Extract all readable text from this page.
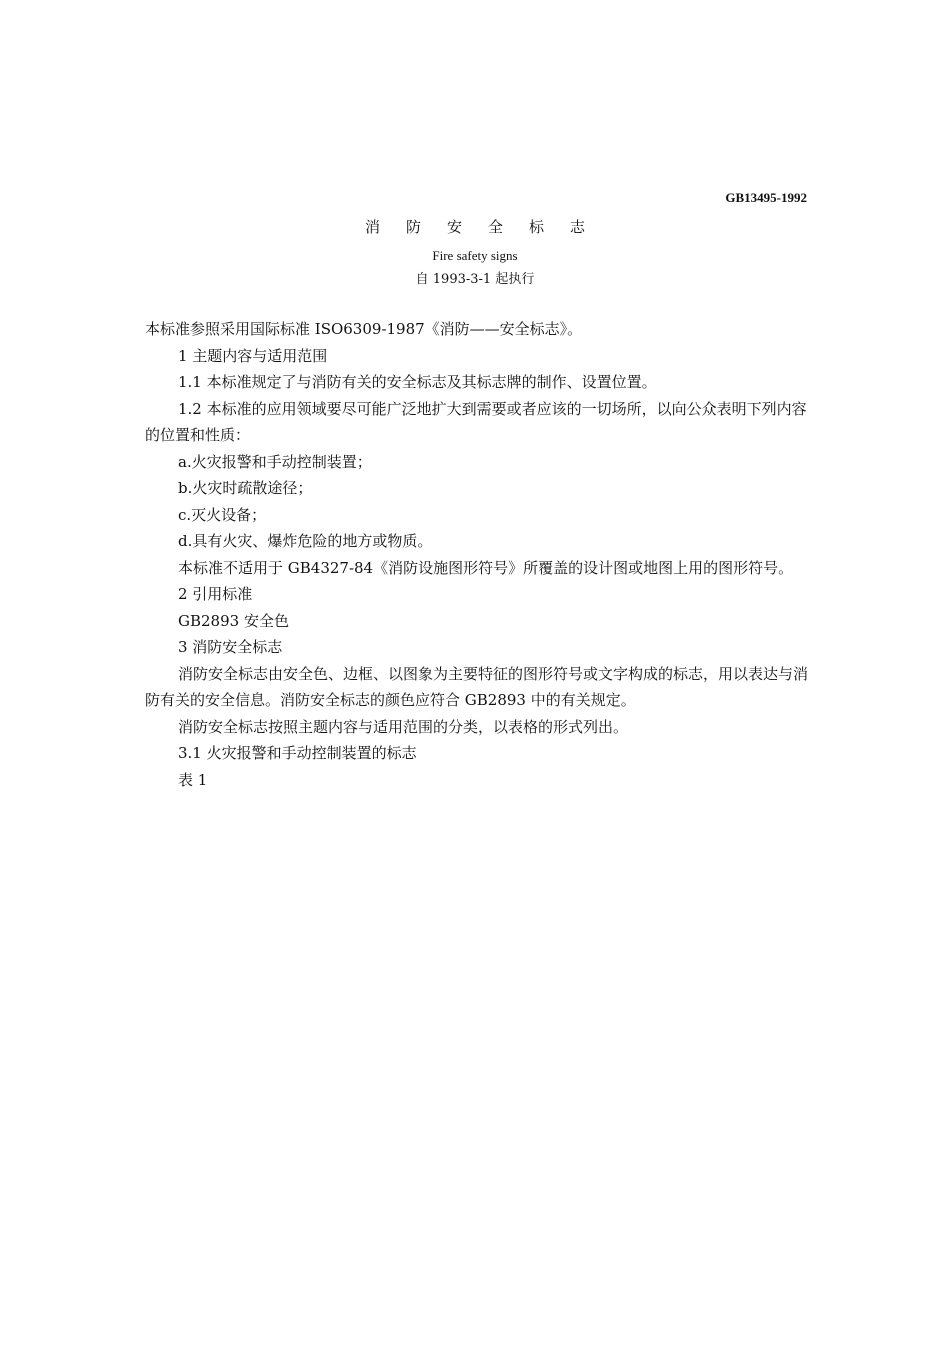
GB13495-1992
消防安全标志
Fire safety signs
自 1993-3-1 起执行

本标准参照采用国际标准 ISO6309-1987《消防——安全标志》。

1 主题内容与适用范围

1.1 本标准规定了与消防有关的安全标志及其标志牌的制作、设置位置。

1.2 本标准的应用领域要尽可能广泛地扩大到需要或者应该的一切场所，以向公众表明下列内容的位置和性质：

a.火灾报警和手动控制装置；

b.火灾时疏散途径；

c.灭火设备；

d.具有火灾、爆炸危险的地方或物质。

本标准不适用于 GB4327-84《消防设施图形符号》所覆盖的设计图或地图上用的图形符号。

2 引用标准

GB2893 安全色

3 消防安全标志

消防安全标志由安全色、边框、以图象为主要特征的图形符号或文字构成的标志，用以表达与消防有关的安全信息。消防安全标志的颜色应符合 GB2893 中的有关规定。

消防安全标志按照主题内容与适用范围的分类，以表格的形式列出。

3.1 火灾报警和手动控制装置的标志

表 1
